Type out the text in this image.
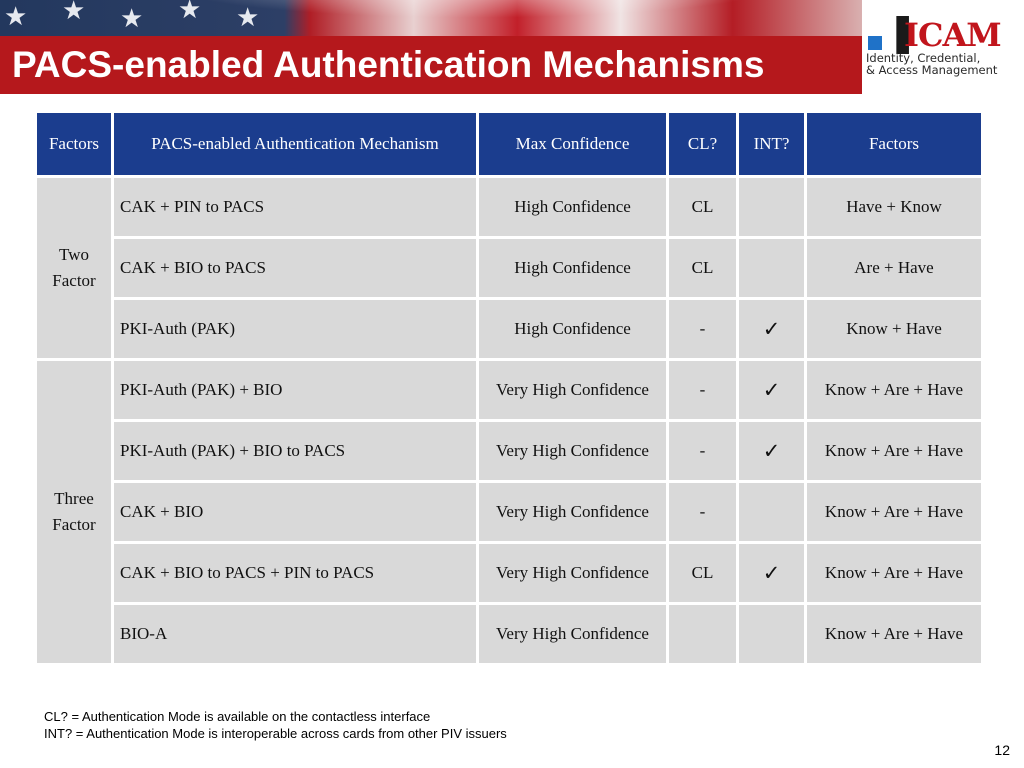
★ ★ ★ ★ ★
PACS-enabled Authentication Mechanisms
▐
ICAM
Identity, Credential,
& Access Management
Factors	PACS-enabled Authentication Mechanism	Max Confidence	CL?	INT?	Factors
Two
Factor	CAK + PIN to PACS	High Confidence	CL		Have + Know
	CAK + BIO to PACS	High Confidence	CL		Are + Have
	PKI-Auth (PAK)	High Confidence	-	✓	Know + Have
Three
Factor	PKI-Auth (PAK) + BIO	Very High Confidence	-	✓	Know + Are + Have
	PKI-Auth (PAK) + BIO to PACS	Very High Confidence	-	✓	Know + Are + Have
	CAK + BIO	Very High Confidence	-		Know + Are + Have
	CAK + BIO to PACS + PIN to PACS	Very High Confidence	CL	✓	Know + Are + Have
	BIO-A	Very High Confidence			Know + Are + Have
CL? = Authentication Mode is available on the contactless interface
INT? = Authentication Mode is interoperable across cards from other PIV issuers
12
